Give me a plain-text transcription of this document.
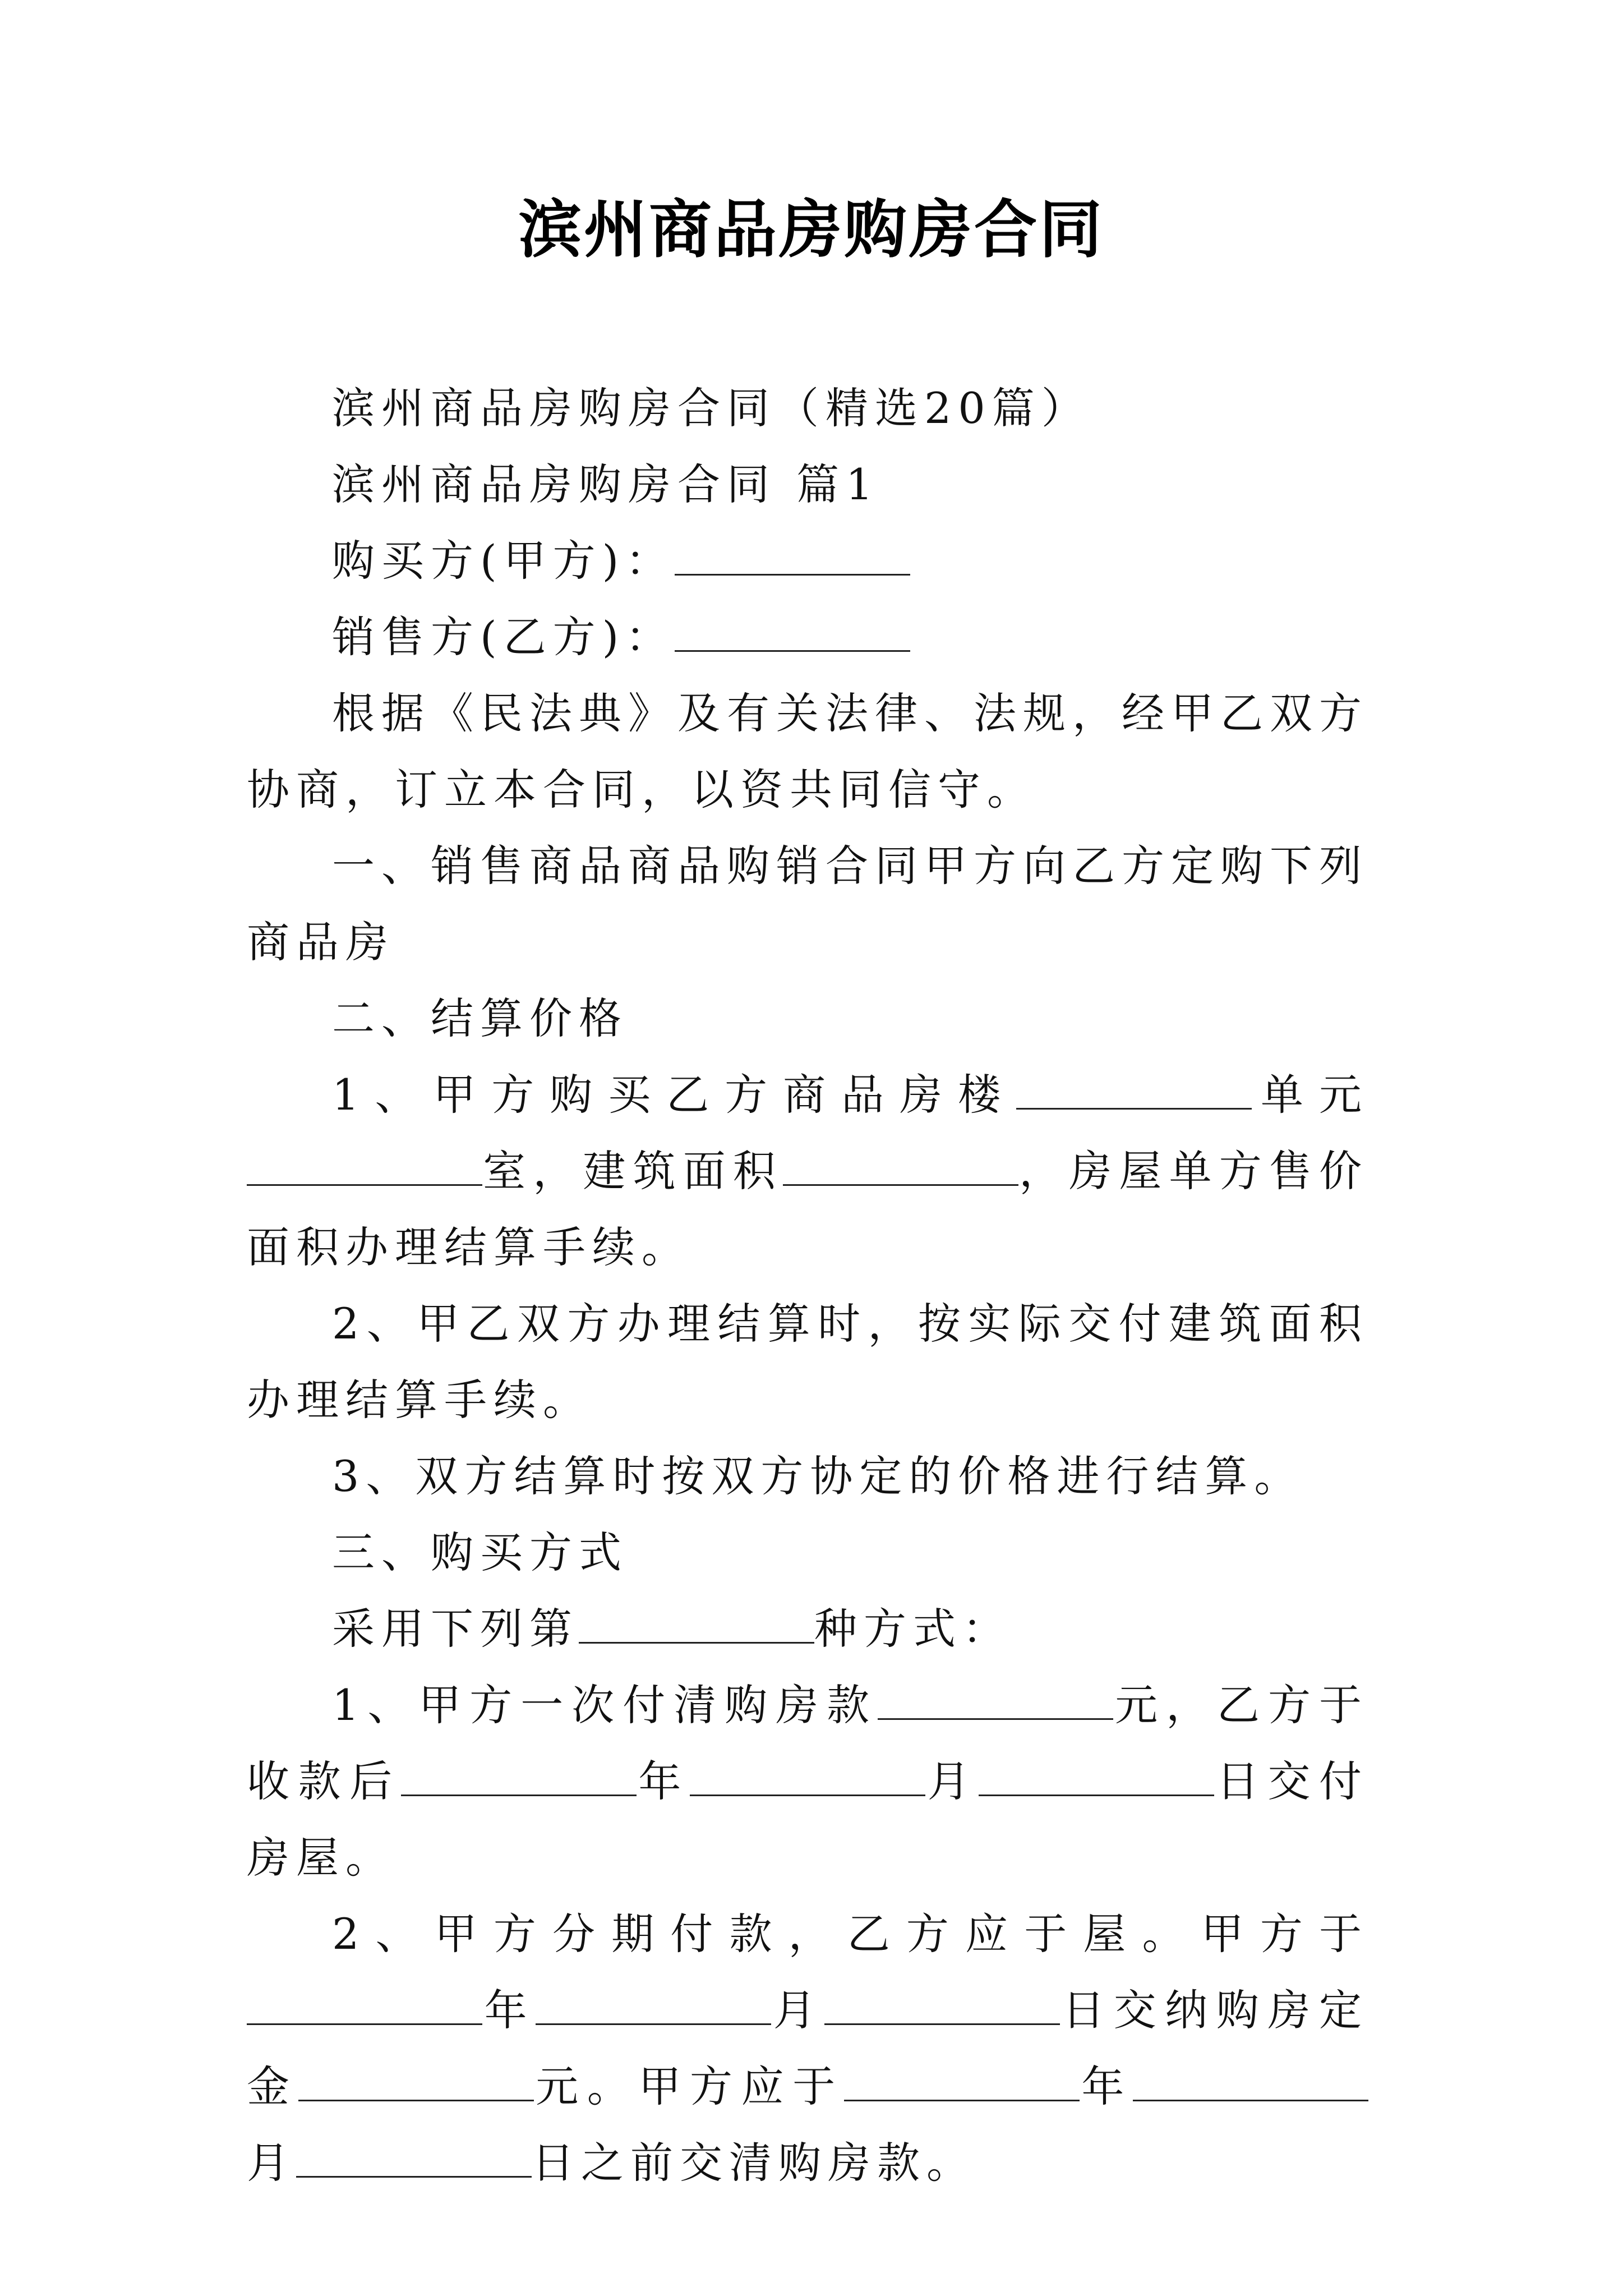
滨州商品房购房合同

滨州商品房购房合同（精选20篇）

滨州商品房购房合同 篇1

购买方(甲方)：

销售方(乙方)：

根据《民法典》及有关法律、法规，经甲乙双方协商，订立本合同，以资共同信守。

一、销售商品商品购销合同甲方向乙方定购下列商品房

二、结算价格

1、甲方购买乙方商品房楼	单元室，建筑面积	，房屋单方售价面积办理结算手续。

2、甲乙双方办理结算时，按实际交付建筑面积办理结算手续。

3、双方结算时按双方协定的价格进行结算。

三、购买方式

采用下列第	种方式：

1、甲方一次付清购房款	元，乙方于收款后	年	月	日交付房屋。

2、甲方分期付款，乙方应于屋。甲方于年	月	日交纳购房定金	元。甲方应于	年月	日之前交清购房款。
